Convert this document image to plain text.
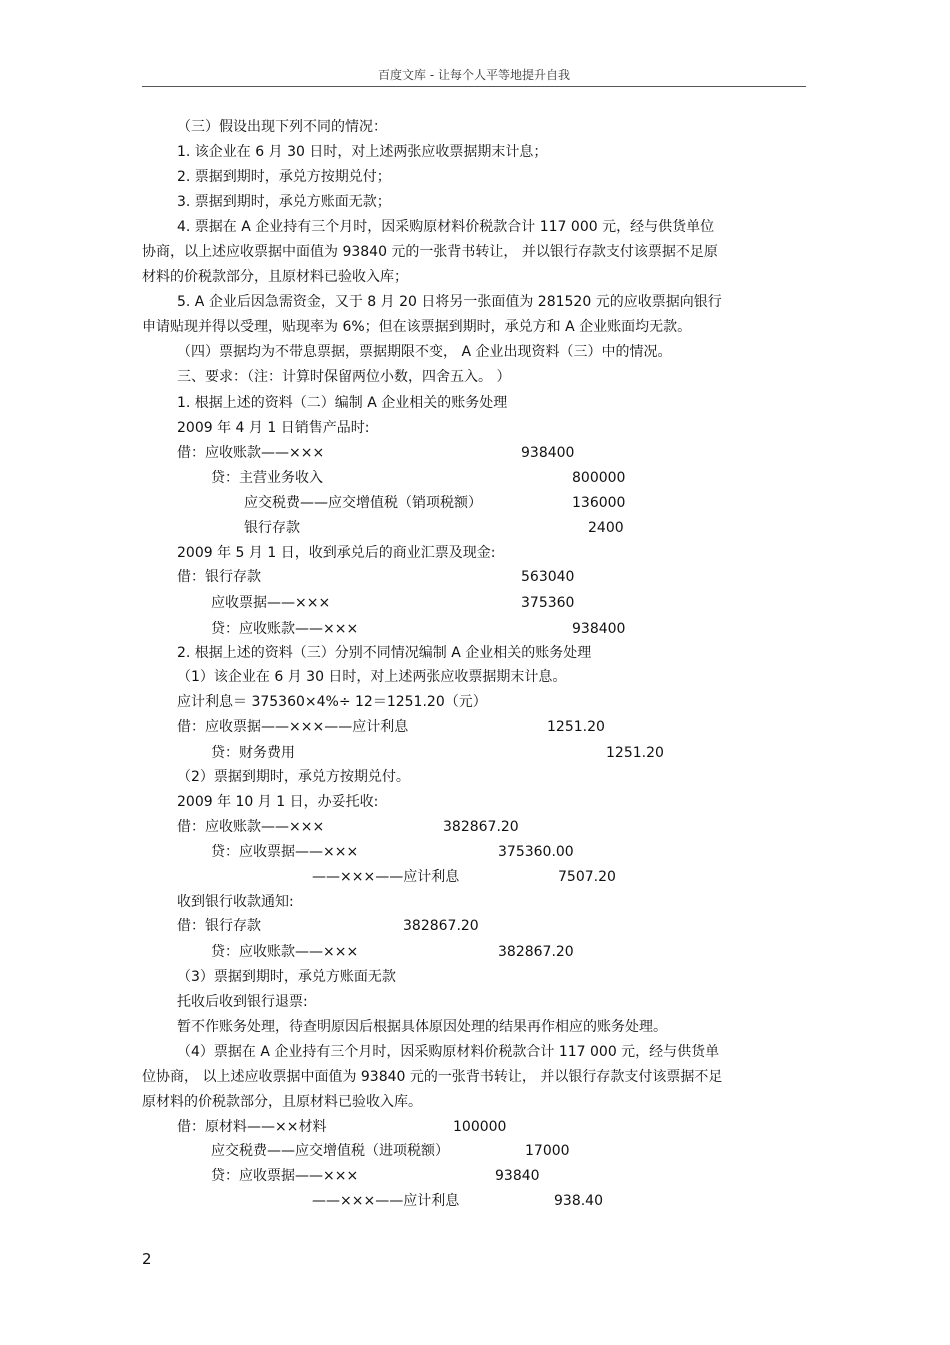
百度文库 - 让每个人平等地提升自我
（三）假设出现下列不同的情况：
1. 该企业在 6 月 30 日时，对上述两张应收票据期末计息；
2. 票据到期时，承兑方按期兑付；
3. 票据到期时，承兑方账面无款；
4. 票据在 A 企业持有三个月时，因采购原材料价税款合计 117 000 元，经与供货单位
协商，以上述应收票据中面值为 93840 元的一张背书转让， 并以银行存款支付该票据不足原
材料的价税款部分，且原材料已验收入库；
5. A 企业后因急需资金，又于 8 月 20 日将另一张面值为 281520 元的应收票据向银行
申请贴现并得以受理，贴现率为 6%；但在该票据到期时，承兑方和 A 企业账面均无款。
（四）票据均为不带息票据，票据期限不变， A 企业出现资料（三）中的情况。
三、要求：（注：计算时保留两位小数，四舍五入。 ）
1. 根据上述的资料（二）编制 A 企业相关的账务处理
2009 年 4 月 1 日销售产品时:
借：应收账款——×××	938400
贷：主营业务收入	800000
应交税费——应交增值税（销项税额）	136000
银行存款	2400
2009 年 5 月 1 日，收到承兑后的商业汇票及现金:
借：银行存款	563040
应收票据——×××	375360
贷：应收账款——×××	938400
2. 根据上述的资料（三）分别不同情况编制 A 企业相关的账务处理
（1）该企业在 6 月 30 日时，对上述两张应收票据期末计息。
应计利息＝ 375360×4%÷ 12＝1251.20（元）
借：应收票据——×××——应计利息	1251.20
贷：财务费用	1251.20
（2）票据到期时，承兑方按期兑付。
2009 年 10 月 1 日，办妥托收:
借：应收账款——×××	382867.20
贷：应收票据——×××	375360.00
——×××——应计利息	7507.20
收到银行收款通知:
借：银行存款	382867.20
贷：应收账款——×××	382867.20
（3）票据到期时，承兑方账面无款
托收后收到银行退票:
暂不作账务处理，待查明原因后根据具体原因处理的结果再作相应的账务处理。
（4）票据在 A 企业持有三个月时，因采购原材料价税款合计 117 000 元，经与供货单
位协商， 以上述应收票据中面值为 93840 元的一张背书转让， 并以银行存款支付该票据不足
原材料的价税款部分，且原材料已验收入库。
借：原材料——××材料	100000
应交税费——应交增值税（进项税额）	17000
贷：应收票据——×××	93840
——×××——应计利息	938.40
2
